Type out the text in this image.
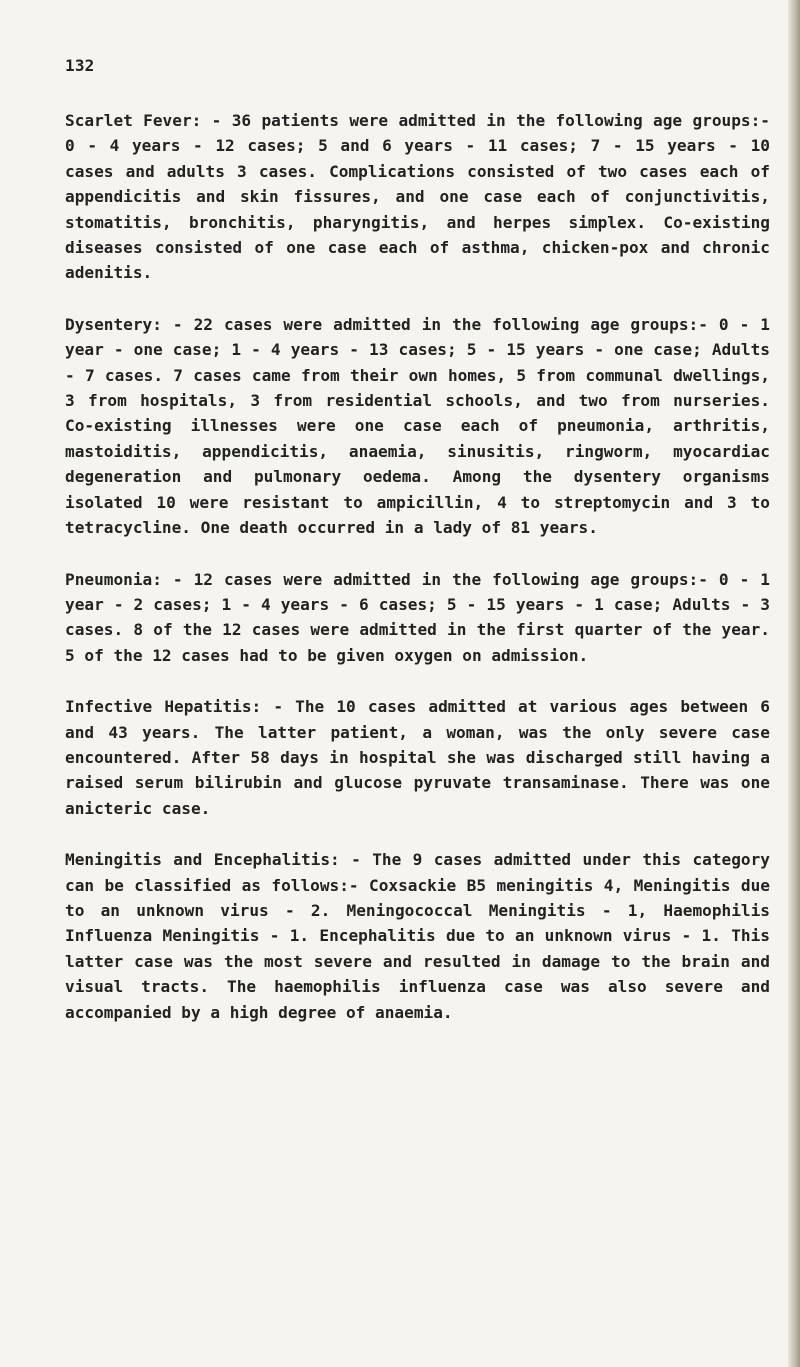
132

Scarlet Fever: - 36 patients were admitted in the following age groups:- 0 - 4 years - 12 cases; 5 and 6 years - 11 cases; 7 - 15 years - 10 cases and adults 3 cases. Complications consisted of two cases each of appendicitis and skin fissures, and one case each of conjunctivitis, stomatitis, bronchitis, pharyngitis, and herpes simplex. Co-existing diseases consisted of one case each of asthma, chicken-pox and chronic adenitis.

Dysentery: - 22 cases were admitted in the following age groups:- 0 - 1 year - one case; 1 - 4 years - 13 cases; 5 - 15 years - one case; Adults - 7 cases. 7 cases came from their own homes, 5 from communal dwellings, 3 from hospitals, 3 from residential schools, and two from nurseries. Co-existing illnesses were one case each of pneumonia, arthritis, mastoiditis, appendicitis, anaemia, sinusitis, ringworm, myocardiac degeneration and pulmonary oedema. Among the dysentery organisms isolated 10 were resistant to ampicillin, 4 to streptomycin and 3 to tetracycline. One death occurred in a lady of 81 years.

Pneumonia: - 12 cases were admitted in the following age groups:- 0 - 1 year - 2 cases; 1 - 4 years - 6 cases; 5 - 15 years - 1 case; Adults - 3 cases. 8 of the 12 cases were admitted in the first quarter of the year. 5 of the 12 cases had to be given oxygen on admission.

Infective Hepatitis: - The 10 cases admitted at various ages between 6 and 43 years. The latter patient, a woman, was the only severe case encountered. After 58 days in hospital she was discharged still having a raised serum bilirubin and glucose pyruvate transaminase. There was one anicteric case.

Meningitis and Encephalitis: - The 9 cases admitted under this category can be classified as follows:- Coxsackie B5 meningitis 4, Meningitis due to an unknown virus - 2. Meningococcal Meningitis - 1, Haemophilis Influenza Meningitis - 1. Encephalitis due to an unknown virus - 1. This latter case was the most severe and resulted in damage to the brain and visual tracts. The haemophilis influenza case was also severe and accompanied by a high degree of anaemia.
